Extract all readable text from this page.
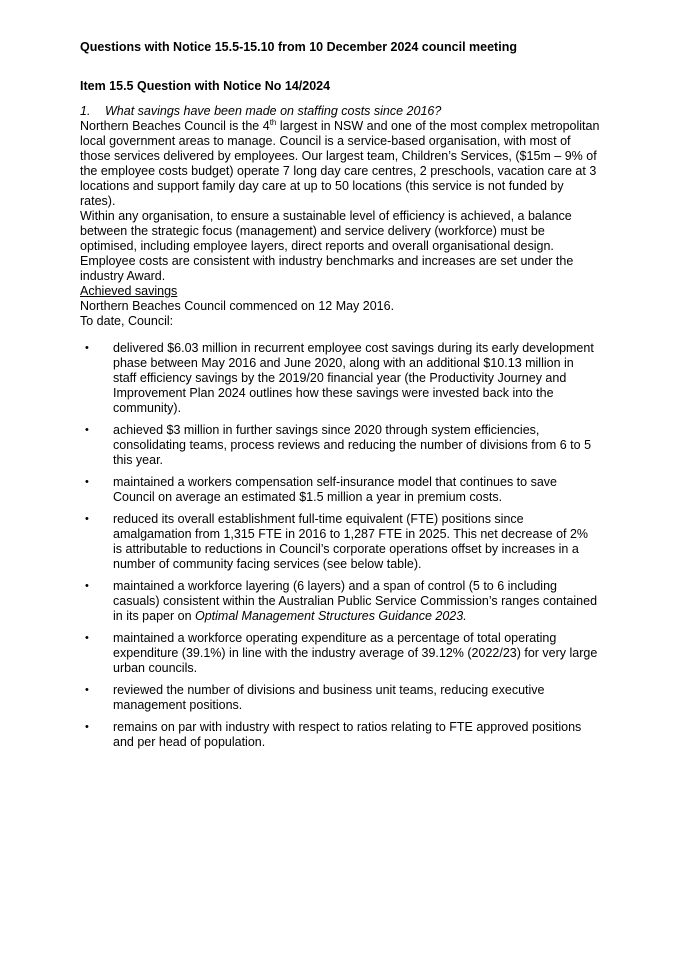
Questions with Notice 15.5-15.10 from 10 December 2024 council meeting

Item 15.5 Question with Notice No 14/2024

1.	What savings have been made on staffing costs since 2016?

Northern Beaches Council is the 4th largest in NSW and one of the most complex metropolitan local government areas to manage. Council is a service-based organisation, with most of those services delivered by employees. Our largest team, Children’s Services, ($15m – 9% of the employee costs budget) operate 7 long day care centres, 2 preschools, vacation care at 3 locations and support family day care at up to 50 locations (this service is not funded by rates).

Within any organisation, to ensure a sustainable level of efficiency is achieved, a balance between the strategic focus (management) and service delivery (workforce) must be optimised, including employee layers, direct reports and overall organisational design.

Employee costs are consistent with industry benchmarks and increases are set under the industry Award.

Achieved savings

Northern Beaches Council commenced on 12 May 2016.

To date, Council:

• delivered $6.03 million in recurrent employee cost savings during its early development phase between May 2016 and June 2020, along with an additional $10.13 million in staff efficiency savings by the 2019/20 financial year (the Productivity Journey and Improvement Plan 2024 outlines how these savings were invested back into the community).
• achieved $3 million in further savings since 2020 through system efficiencies, consolidating teams, process reviews and reducing the number of divisions from 6 to 5 this year.
• maintained a workers compensation self-insurance model that continues to save Council on average an estimated $1.5 million a year in premium costs.
• reduced its overall establishment full-time equivalent (FTE) positions since amalgamation from 1,315 FTE in 2016 to 1,287 FTE in 2025. This net decrease of 2% is attributable to reductions in Council’s corporate operations offset by increases in a number of community facing services (see below table).
• maintained a workforce layering (6 layers) and a span of control (5 to 6 including casuals) consistent within the Australian Public Service Commission’s ranges contained in its paper on Optimal Management Structures Guidance 2023.
• maintained a workforce operating expenditure as a percentage of total operating expenditure (39.1%) in line with the industry average of 39.12% (2022/23) for very large urban councils.
• reviewed the number of divisions and business unit teams, reducing executive management positions.
• remains on par with industry with respect to ratios relating to FTE approved positions and per head of population.
